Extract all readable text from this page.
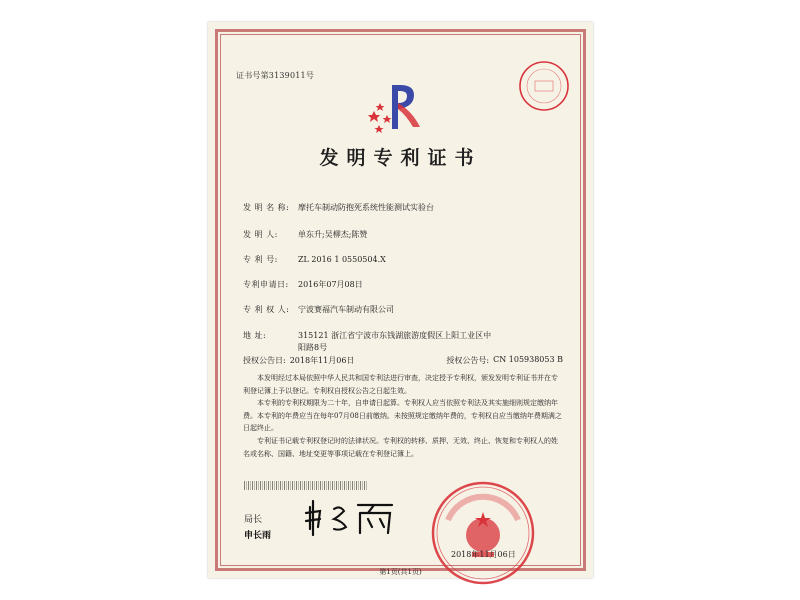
证书号第3139011号
发明专利证书
发 明 名 称:	摩托车制动防抱死系统性能测试实验台
发 明 人:	单东升;吴柳杰;陈赞
专 利 号:	ZL 2016 1 0550504.X
专利申请日:	2016年07月08日
专 利 权 人:	宁波赛福汽车制动有限公司
地 址:	315121 浙江省宁波市东钱湖旅游度假区上阳工业区中阳路8号
授权公告日: 2018年11月06日	授权公告号: CN 105938053 B

本发明经过本局依照中华人民共和国专利法进行审查，决定授予专利权，颁发发明专利证书并在专利登记簿上予以登记。专利权自授权公告之日起生效。

本专利的专利权期限为二十年，自申请日起算。专利权人应当依照专利法及其实施细则规定缴纳年费。本专利的年费应当在每年07月08日前缴纳。未按照规定缴纳年费的，专利权自应当缴纳年费期满之日起终止。

专利证书记载专利权登记时的法律状况。专利权的转移、质押、无效、终止、恢复和专利权人的姓名或名称、国籍、地址变更等事项记载在专利登记簿上。

局长
申长雨
2018年11月06日
第1页(共1页)
